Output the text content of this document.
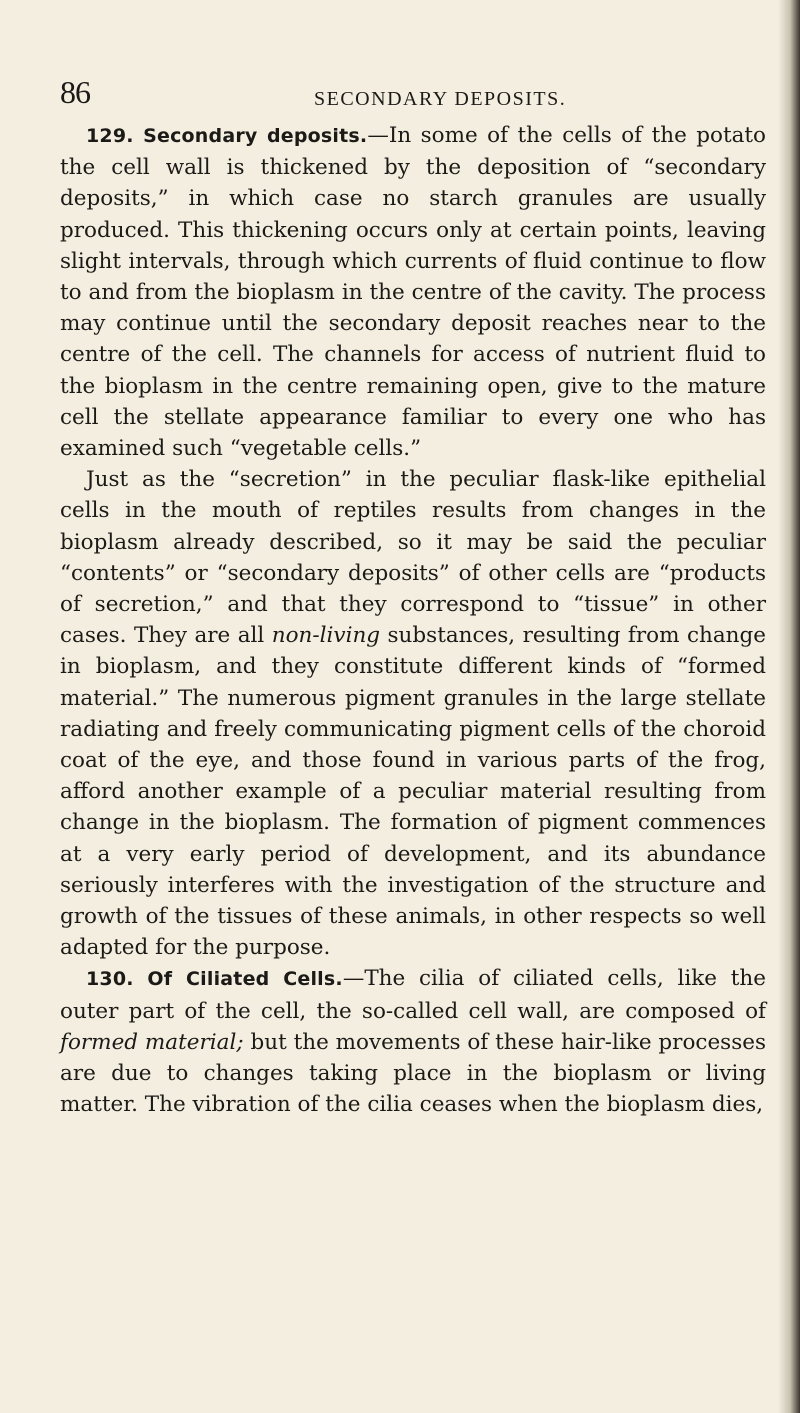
86	SECONDARY DEPOSITS.

129. Secondary deposits.—In some of the cells of the potato the cell wall is thickened by the deposition of “secondary deposits,” in which case no starch granules are usually produced. This thickening occurs only at certain points, leaving slight intervals, through which currents of fluid continue to flow to and from the bioplasm in the centre of the cavity. The process may continue until the secondary deposit reaches near to the centre of the cell. The channels for access of nutrient fluid to the bioplasm in the centre remaining open, give to the mature cell the stellate appearance familiar to every one who has examined such “vegetable cells.”

Just as the “secretion” in the peculiar flask-like epithelial cells in the mouth of reptiles results from changes in the bioplasm already described, so it may be said the peculiar “contents” or “secondary deposits” of other cells are “products of secretion,” and that they correspond to “tissue” in other cases. They are all non-living substances, resulting from change in bioplasm, and they constitute different kinds of “formed material.” The numerous pigment granules in the large stellate radiating and freely communicating pigment cells of the choroid coat of the eye, and those found in various parts of the frog, afford another example of a peculiar material resulting from change in the bioplasm. The formation of pigment commences at a very early period of development, and its abundance seriously interferes with the investigation of the structure and growth of the tissues of these animals, in other respects so well adapted for the purpose.

130. Of Ciliated Cells.—The cilia of ciliated cells, like the outer part of the cell, the so-called cell wall, are composed of formed material; but the movements of these hair-like processes are due to changes taking place in the bioplasm or living matter. The vibration of the cilia ceases when the bioplasm dies,
